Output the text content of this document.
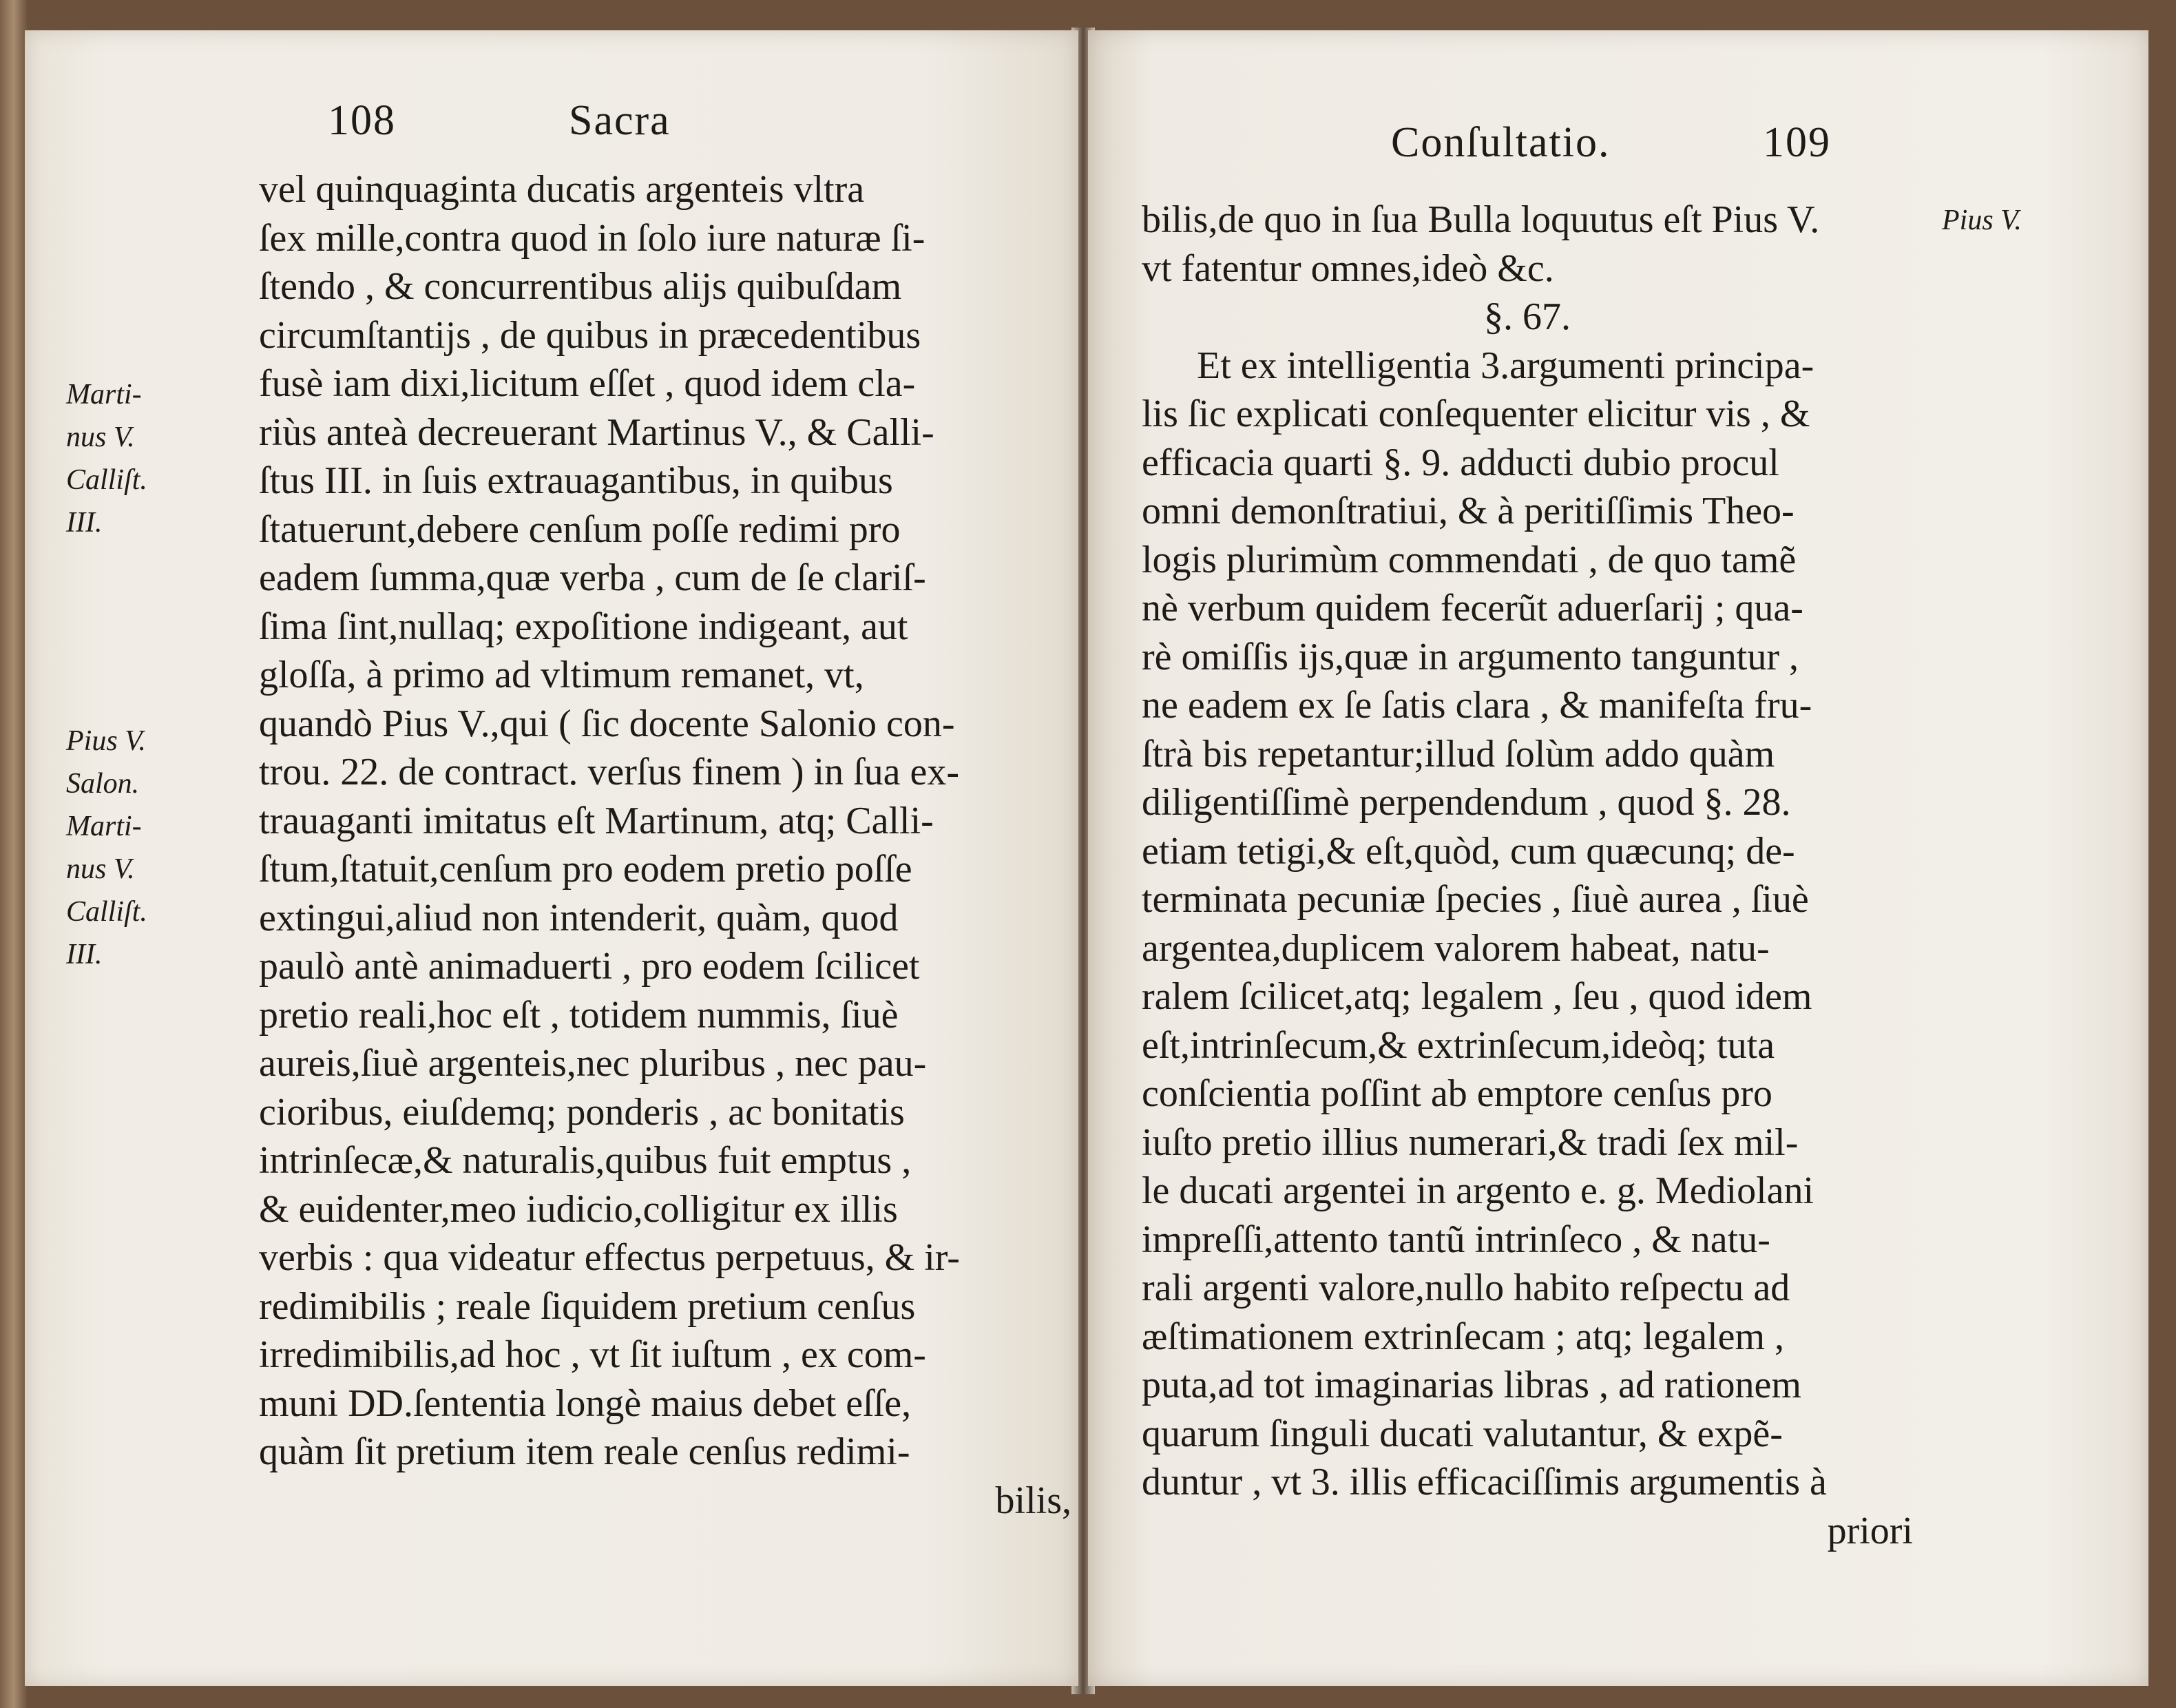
108	Sacra
Marti-
nus V.
Calliſt.
III.
Pius V.
Salon.
Marti-
nus V.
Calliſt.
III.
vel quinquaginta ducatis argenteis vltra
ſex mille,contra quod in ſolo iure naturæ ſi-
ſtendo , & concurrentibus alijs quibuſdam
circumſtantijs , de quibus in præcedentibus
fusè iam dixi,licitum eſſet , quod idem cla-
riùs anteà decreuerant Martinus V., & Calli-
ſtus III. in ſuis extrauagantibus, in quibus
ſtatuerunt,debere cenſum poſſe redimi pro
eadem ſumma,quæ verba , cum de ſe clariſ-
ſima ſint,nullaq; expoſitione indigeant, aut
gloſſa, à primo ad vltimum remanet, vt,
quandò Pius V.,qui ( ſic docente Salonio con-
trou. 22. de contract. verſus finem ) in ſua ex-
trauaganti imitatus eſt Martinum, atq; Calli-
ſtum,ſtatuit,cenſum pro eodem pretio poſſe
extingui,aliud non intenderit, quàm, quod
paulò antè animaduerti , pro eodem ſcilicet
pretio reali,hoc eſt , totidem nummis, ſiuè
aureis,ſiuè argenteis,nec pluribus , nec pau-
cioribus, eiuſdemq; ponderis , ac bonitatis
intrinſecæ,& naturalis,quibus fuit emptus ,
& euidenter,meo iudicio,colligitur ex illis
verbis : qua videatur effectus perpetuus, & ir-
redimibilis ; reale ſiquidem pretium cenſus
irredimibilis,ad hoc , vt ſit iuſtum , ex com-
muni DD.ſententia longè maius debet eſſe,
quàm ſit pretium item reale cenſus redimi-
bilis,
Conſultatio.	109
Pius V.
bilis,de quo in ſua Bulla loquutus eſt Pius V.
vt fatentur omnes,ideò &c.
§. 67.
Et ex intelligentia 3.argumenti principa-
lis ſic explicati conſequenter elicitur vis , &
efficacia quarti §. 9. adducti dubio procul
omni demonſtratiui, & à peritiſſimis Theo-
logis plurimùm commendati , de quo tamẽ
nè verbum quidem fecerũt aduerſarij ; qua-
rè omiſſis ijs,quæ in argumento tanguntur ,
ne eadem ex ſe ſatis clara , & manifeſta fru-
ſtrà bis repetantur;illud ſolùm addo quàm
diligentiſſimè perpendendum , quod §. 28.
etiam tetigi,& eſt,quòd, cum quæcunq; de-
terminata pecuniæ ſpecies , ſiuè aurea , ſiuè
argentea,duplicem valorem habeat, natu-
ralem ſcilicet,atq; legalem , ſeu , quod idem
eſt,intrinſecum,& extrinſecum,ideòq; tuta
conſcientia poſſint ab emptore cenſus pro
iuſto pretio illius numerari,& tradi ſex mil-
le ducati argentei in argento e. g. Mediolani
impreſſi,attento tantũ intrinſeco , & natu-
rali argenti valore,nullo habito reſpectu ad
æſtimationem extrinſecam ; atq; legalem ,
puta,ad tot imaginarias libras , ad rationem
quarum ſinguli ducati valutantur, & expẽ-
duntur , vt 3. illis efficaciſſimis argumentis à
priori
